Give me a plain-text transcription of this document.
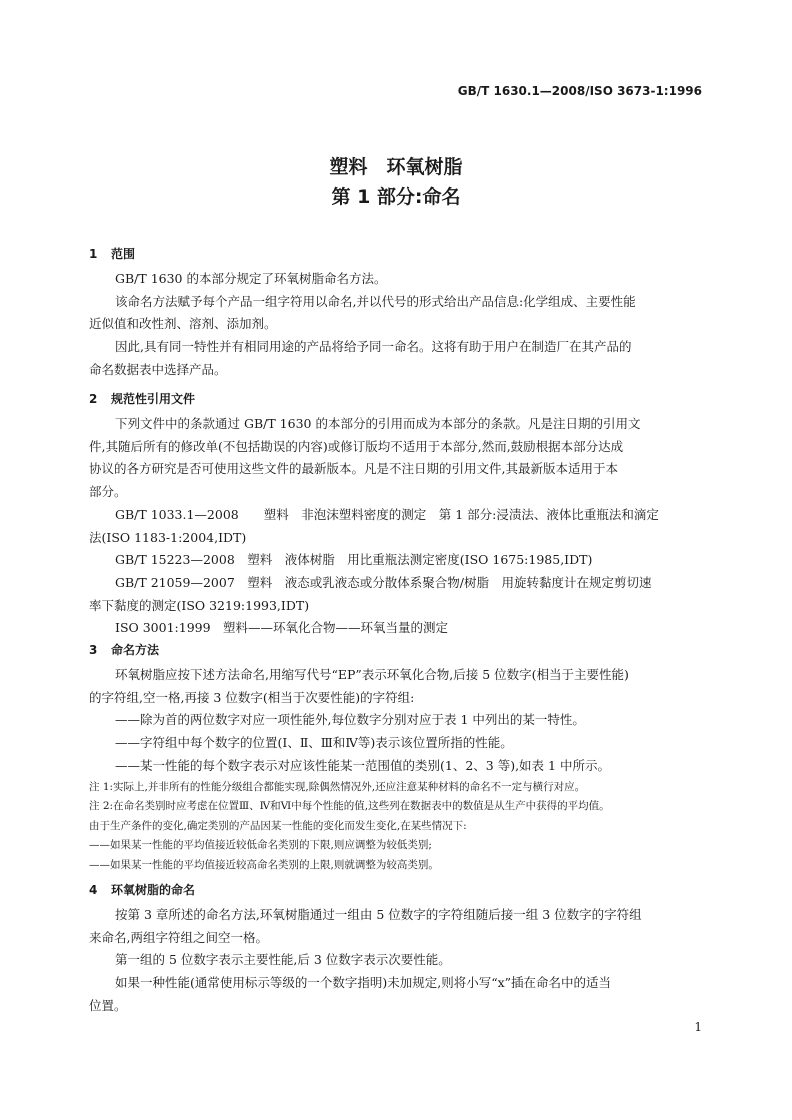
GB/T 1630.1—2008/ISO 3673-1:1996
塑料　环氧树脂
第 1 部分:命名
1 范围

GB/T 1630 的本部分规定了环氧树脂命名方法。

该命名方法赋予每个产品一组字符用以命名,并以代号的形式给出产品信息:化学组成、主要性能

近似值和改性剂、溶剂、添加剂。

因此,具有同一特性并有相同用途的产品将给予同一命名。这将有助于用户在制造厂在其产品的

命名数据表中选择产品。

2 规范性引用文件

下列文件中的条款通过 GB/T 1630 的本部分的引用而成为本部分的条款。凡是注日期的引用文

件,其随后所有的修改单(不包括勘误的内容)或修订版均不适用于本部分,然而,鼓励根据本部分达成

协议的各方研究是否可使用这些文件的最新版本。凡是不注日期的引用文件,其最新版本适用于本

部分。

GB/T 1033.1—2008　　塑料　非泡沫塑料密度的测定　第 1 部分:浸渍法、液体比重瓶法和滴定

法(ISO 1183-1:2004,IDT)

GB/T 15223—2008　塑料　液体树脂　用比重瓶法测定密度(ISO 1675:1985,IDT)

GB/T 21059—2007　塑料　液态或乳液态或分散体系聚合物/树脂　用旋转黏度计在规定剪切速

率下黏度的测定(ISO 3219:1993,IDT)

ISO 3001:1999　塑料——环氧化合物——环氧当量的测定

3 命名方法

环氧树脂应按下述方法命名,用缩写代号“EP”表示环氧化合物,后接 5 位数字(相当于主要性能)

的字符组,空一格,再接 3 位数字(相当于次要性能)的字符组:

——除为首的两位数字对应一项性能外,每位数字分别对应于表 1 中列出的某一特性。

——字符组中每个数字的位置(Ⅰ、Ⅱ、Ⅲ和Ⅳ等)表示该位置所指的性能。

——某一性能的每个数字表示对应该性能某一范围值的类别(1、2、3 等),如表 1 中所示。

注 1:实际上,并非所有的性能分级组合都能实现,除偶然情况外,还应注意某种材料的命名不一定与横行对应。

注 2:在命名类别时应考虑在位置Ⅲ、Ⅳ和Ⅵ中每个性能的值,这些列在数据表中的数值是从生产中获得的平均值。

由于生产条件的变化,确定类别的产品因某一性能的变化而发生变化,在某些情况下:

——如果某一性能的平均值接近较低命名类别的下限,则应调整为较低类别;

——如果某一性能的平均值接近较高命名类别的上限,则就调整为较高类别。

4 环氧树脂的命名

按第 3 章所述的命名方法,环氧树脂通过一组由 5 位数字的字符组随后接一组 3 位数字的字符组

来命名,两组字符组之间空一格。

第一组的 5 位数字表示主要性能,后 3 位数字表示次要性能。

如果一种性能(通常使用标示等级的一个数字指明)未加规定,则将小写“x”插在命名中的适当

位置。

1
